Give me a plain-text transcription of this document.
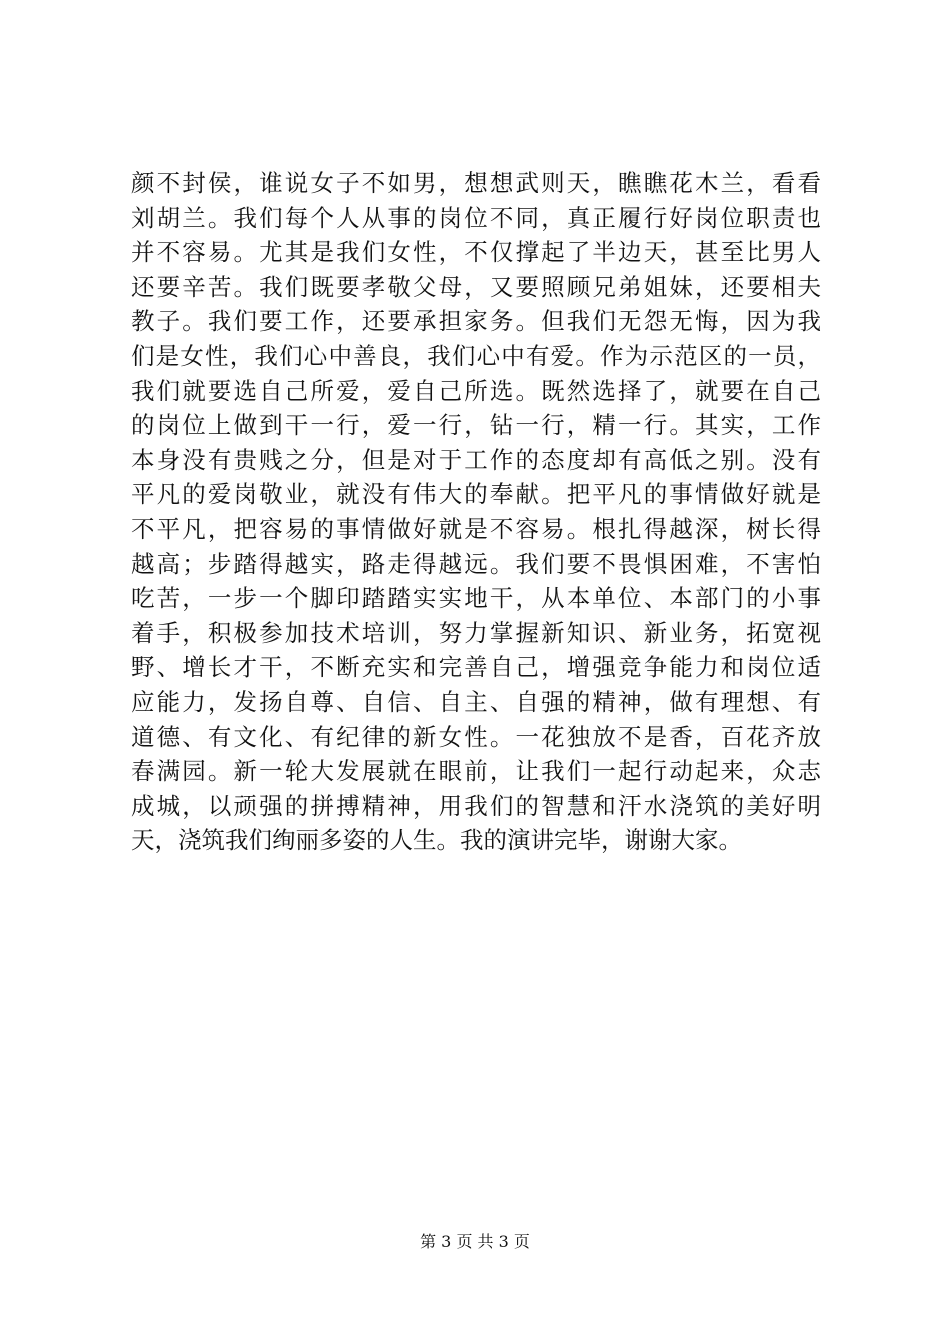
颜不封侯，谁说女子不如男，想想武则天，瞧瞧花木兰，看看
刘胡兰。我们每个人从事的岗位不同，真正履行好岗位职责也
并不容易。尤其是我们女性，不仅撑起了半边天，甚至比男人
还要辛苦。我们既要孝敬父母，又要照顾兄弟姐妹，还要相夫
教子。我们要工作，还要承担家务。但我们无怨无悔，因为我
们是女性，我们心中善良，我们心中有爱。作为示范区的一员，
我们就要选自己所爱，爱自己所选。既然选择了，就要在自己
的岗位上做到干一行，爱一行，钻一行，精一行。其实，工作
本身没有贵贱之分，但是对于工作的态度却有高低之别。没有
平凡的爱岗敬业，就没有伟大的奉献。把平凡的事情做好就是
不平凡，把容易的事情做好就是不容易。根扎得越深，树长得
越高；步踏得越实，路走得越远。我们要不畏惧困难，不害怕
吃苦，一步一个脚印踏踏实实地干，从本单位、本部门的小事
着手，积极参加技术培训，努力掌握新知识、新业务，拓宽视
野、增长才干，不断充实和完善自己，增强竞争能力和岗位适
应能力，发扬自尊、自信、自主、自强的精神，做有理想、有
道德、有文化、有纪律的新女性。一花独放不是香，百花齐放
春满园。新一轮大发展就在眼前，让我们一起行动起来，众志
成城，以顽强的拼搏精神，用我们的智慧和汗水浇筑的美好明
天，浇筑我们绚丽多姿的人生。我的演讲完毕，谢谢大家。
第 3 页 共 3 页
